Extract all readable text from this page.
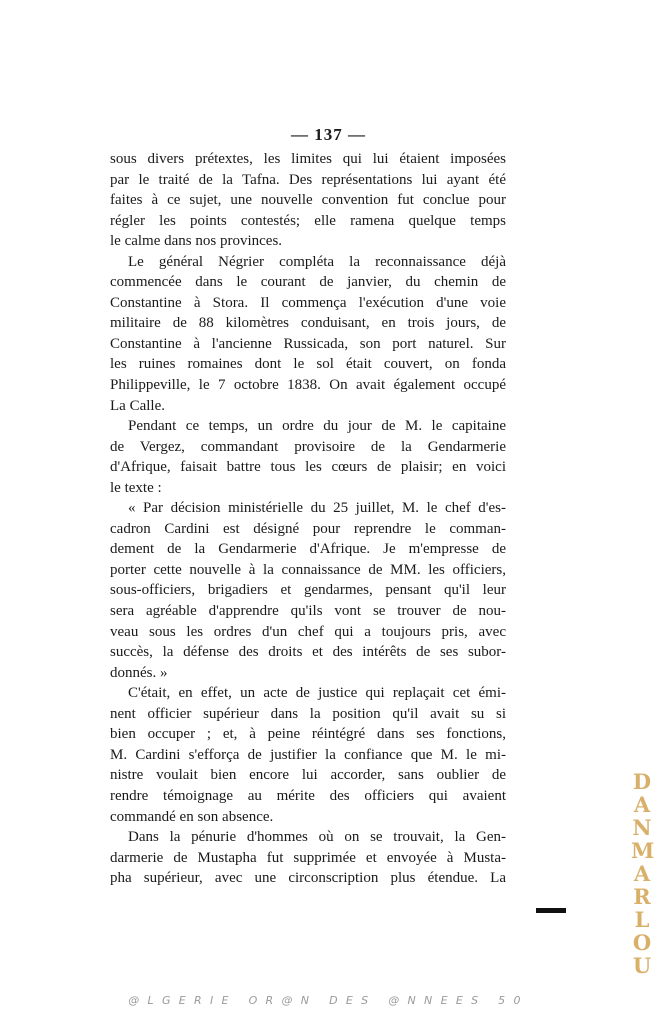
— 137 —
sous divers prétextes, les limites qui lui étaient imposées
par le traité de la Tafna. Des représentations lui ayant été
faites à ce sujet, une nouvelle convention fut conclue pour
régler les points contestés; elle ramena quelque temps
le calme dans nos provinces.
Le général Négrier compléta la reconnaissance déjà
commencée dans le courant de janvier, du chemin de
Constantine à Stora. Il commença l'exécution d'une voie
militaire de 88 kilomètres conduisant, en trois jours, de
Constantine à l'ancienne Russicada, son port naturel. Sur
les ruines romaines dont le sol était couvert, on fonda
Philippeville, le 7 octobre 1838. On avait également occupé
La Calle.
Pendant ce temps, un ordre du jour de M. le capitaine
de Vergez, commandant provisoire de la Gendarmerie
d'Afrique, faisait battre tous les cœurs de plaisir; en voici
le texte :
« Par décision ministérielle du 25 juillet, M. le chef d'es-
cadron Cardini est désigné pour reprendre le comman-
dement de la Gendarmerie d'Afrique. Je m'empresse de
porter cette nouvelle à la connaissance de MM. les officiers,
sous-officiers, brigadiers et gendarmes, pensant qu'il leur
sera agréable d'apprendre qu'ils vont se trouver de nou-
veau sous les ordres d'un chef qui a toujours pris, avec
succès, la défense des droits et des intérêts de ses subor-
donnés. »
C'était, en effet, un acte de justice qui replaçait cet émi-
nent officier supérieur dans la position qu'il avait su si
bien occuper ; et, à peine réintégré dans ses fonctions,
M. Cardini s'efforça de justifier la confiance que M. le mi-
nistre voulait bien encore lui accorder, sans oublier de
rendre témoignage au mérite des officiers qui avaient
commandé en son absence.
Dans la pénurie d'hommes où on se trouvait, la Gen-
darmerie de Mustapha fut supprimée et envoyée à Musta-
pha supérieur, avec une circonscription plus étendue. La
D
A
N
M
A
R
L
O
U
@LGERIE OR@N DES @NNEES 50
